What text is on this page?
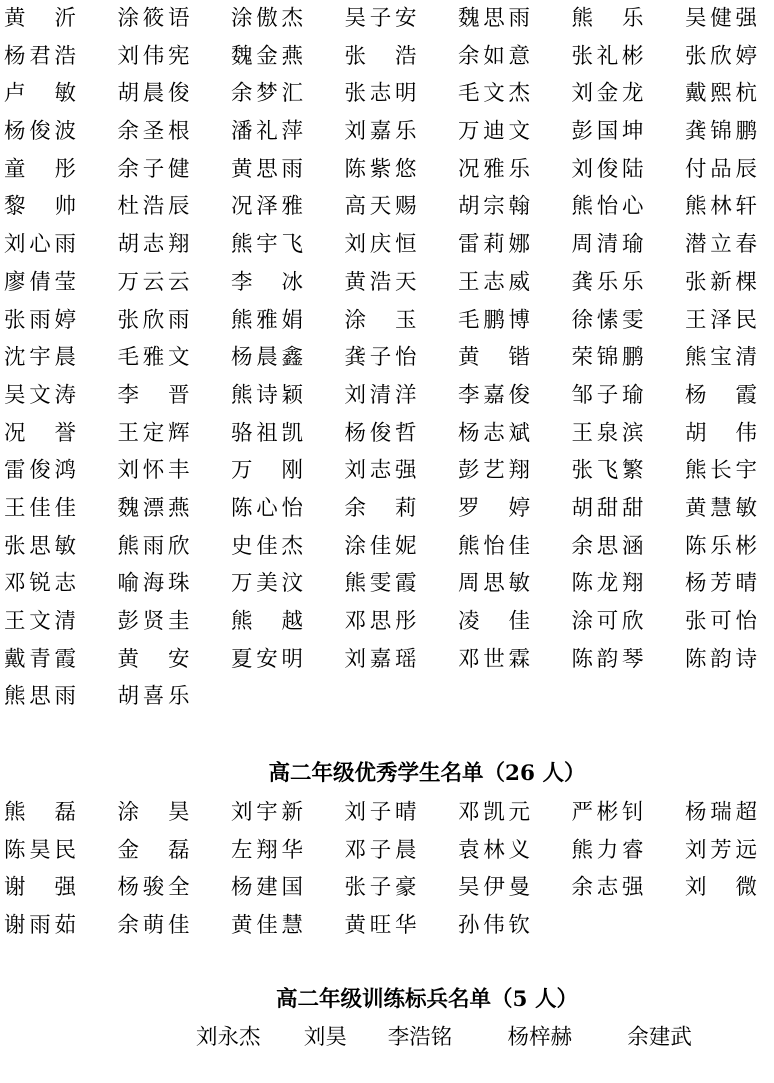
黄沂 涂筱语 涂傲杰 吴子安 魏思雨 熊乐 吴健强
杨君浩 刘伟宪 魏金燕 张浩 余如意 张礼彬 张欣婷
卢敏 胡晨俊 余梦汇 张志明 毛文杰 刘金龙 戴熙杭
杨俊波 余圣根 潘礼萍 刘嘉乐 万迪文 彭国坤 龚锦鹏
童彤 余子健 黄思雨 陈紫悠 况雅乐 刘俊陆 付品辰
黎帅 杜浩辰 况泽雅 高天赐 胡宗翰 熊怡心 熊林轩
刘心雨 胡志翔 熊宇飞 刘庆恒 雷莉娜 周清瑜 潜立春
廖倩莹 万云云 李冰 黄浩天 王志威 龚乐乐 张新棵
张雨婷 张欣雨 熊雅娟 涂玉 毛鹏博 徐愫雯 王泽民
沈宇晨 毛雅文 杨晨鑫 龚子怡 黄锴 荣锦鹏 熊宝清
吴文涛 李晋 熊诗颖 刘清洋 李嘉俊 邹子瑜 杨霞
况誉 王定辉 骆祖凯 杨俊哲 杨志斌 王泉滨 胡伟
雷俊鸿 刘怀丰 万刚 刘志强 彭艺翔 张飞繁 熊长宇
王佳佳 魏漂燕 陈心怡 余莉 罗婷 胡甜甜 黄慧敏
张思敏 熊雨欣 史佳杰 涂佳妮 熊怡佳 余思涵 陈乐彬
邓锐志 喻海珠 万美汶 熊雯霞 周思敏 陈龙翔 杨芳晴
王文清 彭贤圭 熊越 邓思彤 凌佳 涂可欣 张可怡
戴青霞 黄安 夏安明 刘嘉瑶 邓世霖 陈韵琴 陈韵诗
熊思雨 胡喜乐
高二年级优秀学生名单（26 人）
熊磊 涂昊 刘宇新 刘子晴 邓凯元 严彬钊 杨瑞超
陈昊民 金磊 左翔华 邓子晨 袁林义 熊力睿 刘芳远
谢强 杨骏全 杨建国 张子豪 吴伊曼 余志强 刘微
谢雨茹 余萌佳 黄佳慧 黄旺华 孙伟钦
高二年级训练标兵名单（5 人）
刘永杰 刘昊 李浩铭	杨梓赫	余建武
